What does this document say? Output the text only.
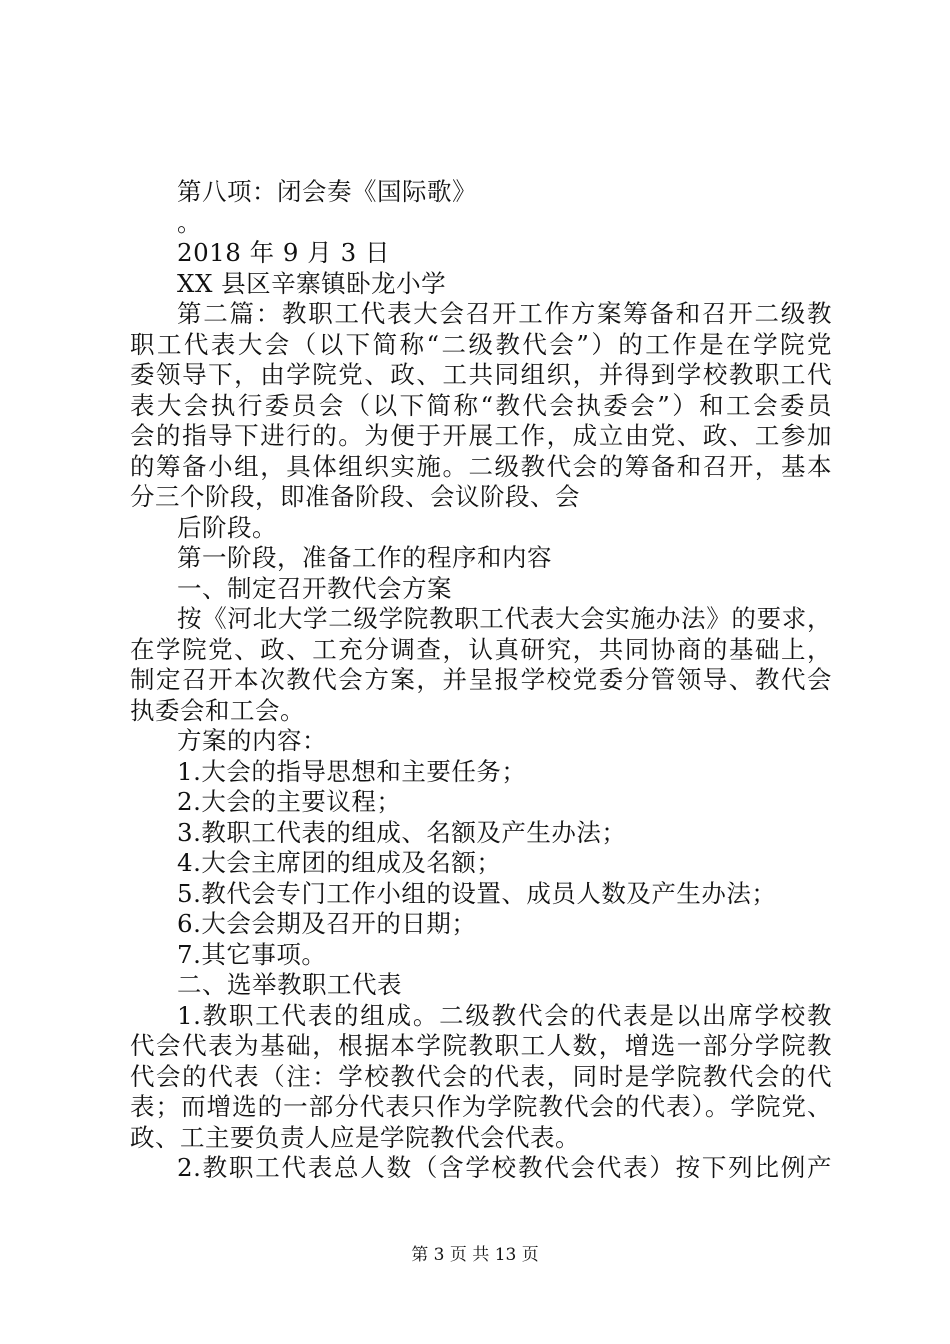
第八项：闭会奏《国际歌》
。
2018 年 9 月 3 日
XX 县区辛寨镇卧龙小学
第二篇：教职工代表大会召开工作方案筹备和召开二级教
职工代表大会（以下简称“二级教代会”）的工作是在学院党
委领导下，由学院党、政、工共同组织，并得到学校教职工代
表大会执行委员会（以下简称“教代会执委会”）和工会委员
会的指导下进行的。为便于开展工作，成立由党、政、工参加
的筹备小组，具体组织实施。二级教代会的筹备和召开，基本
分三个阶段，即准备阶段、会议阶段、会
后阶段。
第一阶段，准备工作的程序和内容
一、制定召开教代会方案
按《河北大学二级学院教职工代表大会实施办法》的要求，
在学院党、政、工充分调查，认真研究，共同协商的基础上，
制定召开本次教代会方案，并呈报学校党委分管领导、教代会
执委会和工会。
方案的内容：
1.大会的指导思想和主要任务；
2.大会的主要议程；
3.教职工代表的组成、名额及产生办法；
4.大会主席团的组成及名额；
5.教代会专门工作小组的设置、成员人数及产生办法；
6.大会会期及召开的日期；
7.其它事项。
二、选举教职工代表
1.教职工代表的组成。二级教代会的代表是以出席学校教
代会代表为基础，根据本学院教职工人数，增选一部分学院教
代会的代表（注：学校教代会的代表，同时是学院教代会的代
表；而增选的一部分代表只作为学院教代会的代表）。学院党、
政、工主要负责人应是学院教代会代表。
2.教职工代表总人数（含学校教代会代表）按下列比例产
第 3 页 共 13 页
